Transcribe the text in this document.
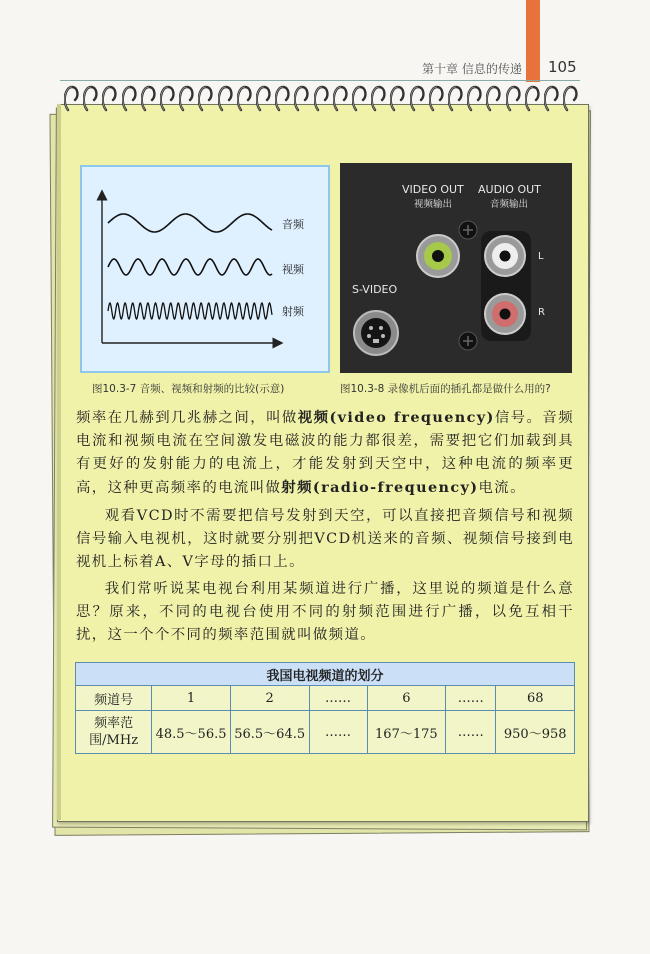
第十章 信息的传递 105
音频
视频
射频
VIDEO OUT
视频输出
AUDIO OUT
音频输出
S-VIDEO
L
R
图10.3-7 音频、视频和射频的比较(示意)	图10.3-8 录像机后面的插孔都是做什么用的?
频率在几赫到几兆赫之间，叫做视频(video frequency)信号。音频电流和视频电流在空间激发电磁波的能力都很差，需要把它们加载到具有更好的发射能力的电流上，才能发射到天空中，这种电流的频率更高，这种更高频率的电流叫做射频(radio-frequency)电流。
观看VCD时不需要把信号发射到天空，可以直接把音频信号和视频信号输入电视机，这时就要分别把VCD机送来的音频、视频信号接到电视机上标着A、V字母的插口上。
我们常听说某电视台利用某频道进行广播，这里说的频道是什么意思？原来，不同的电视台使用不同的射频范围进行广播，以免互相干扰，这一个个不同的频率范围就叫做频道。
我国电视频道的划分						
频道号	1	2	……	6	……	68
频率范围/MHz	48.5～56.5	56.5～64.5	……	167～175	……	950～958
